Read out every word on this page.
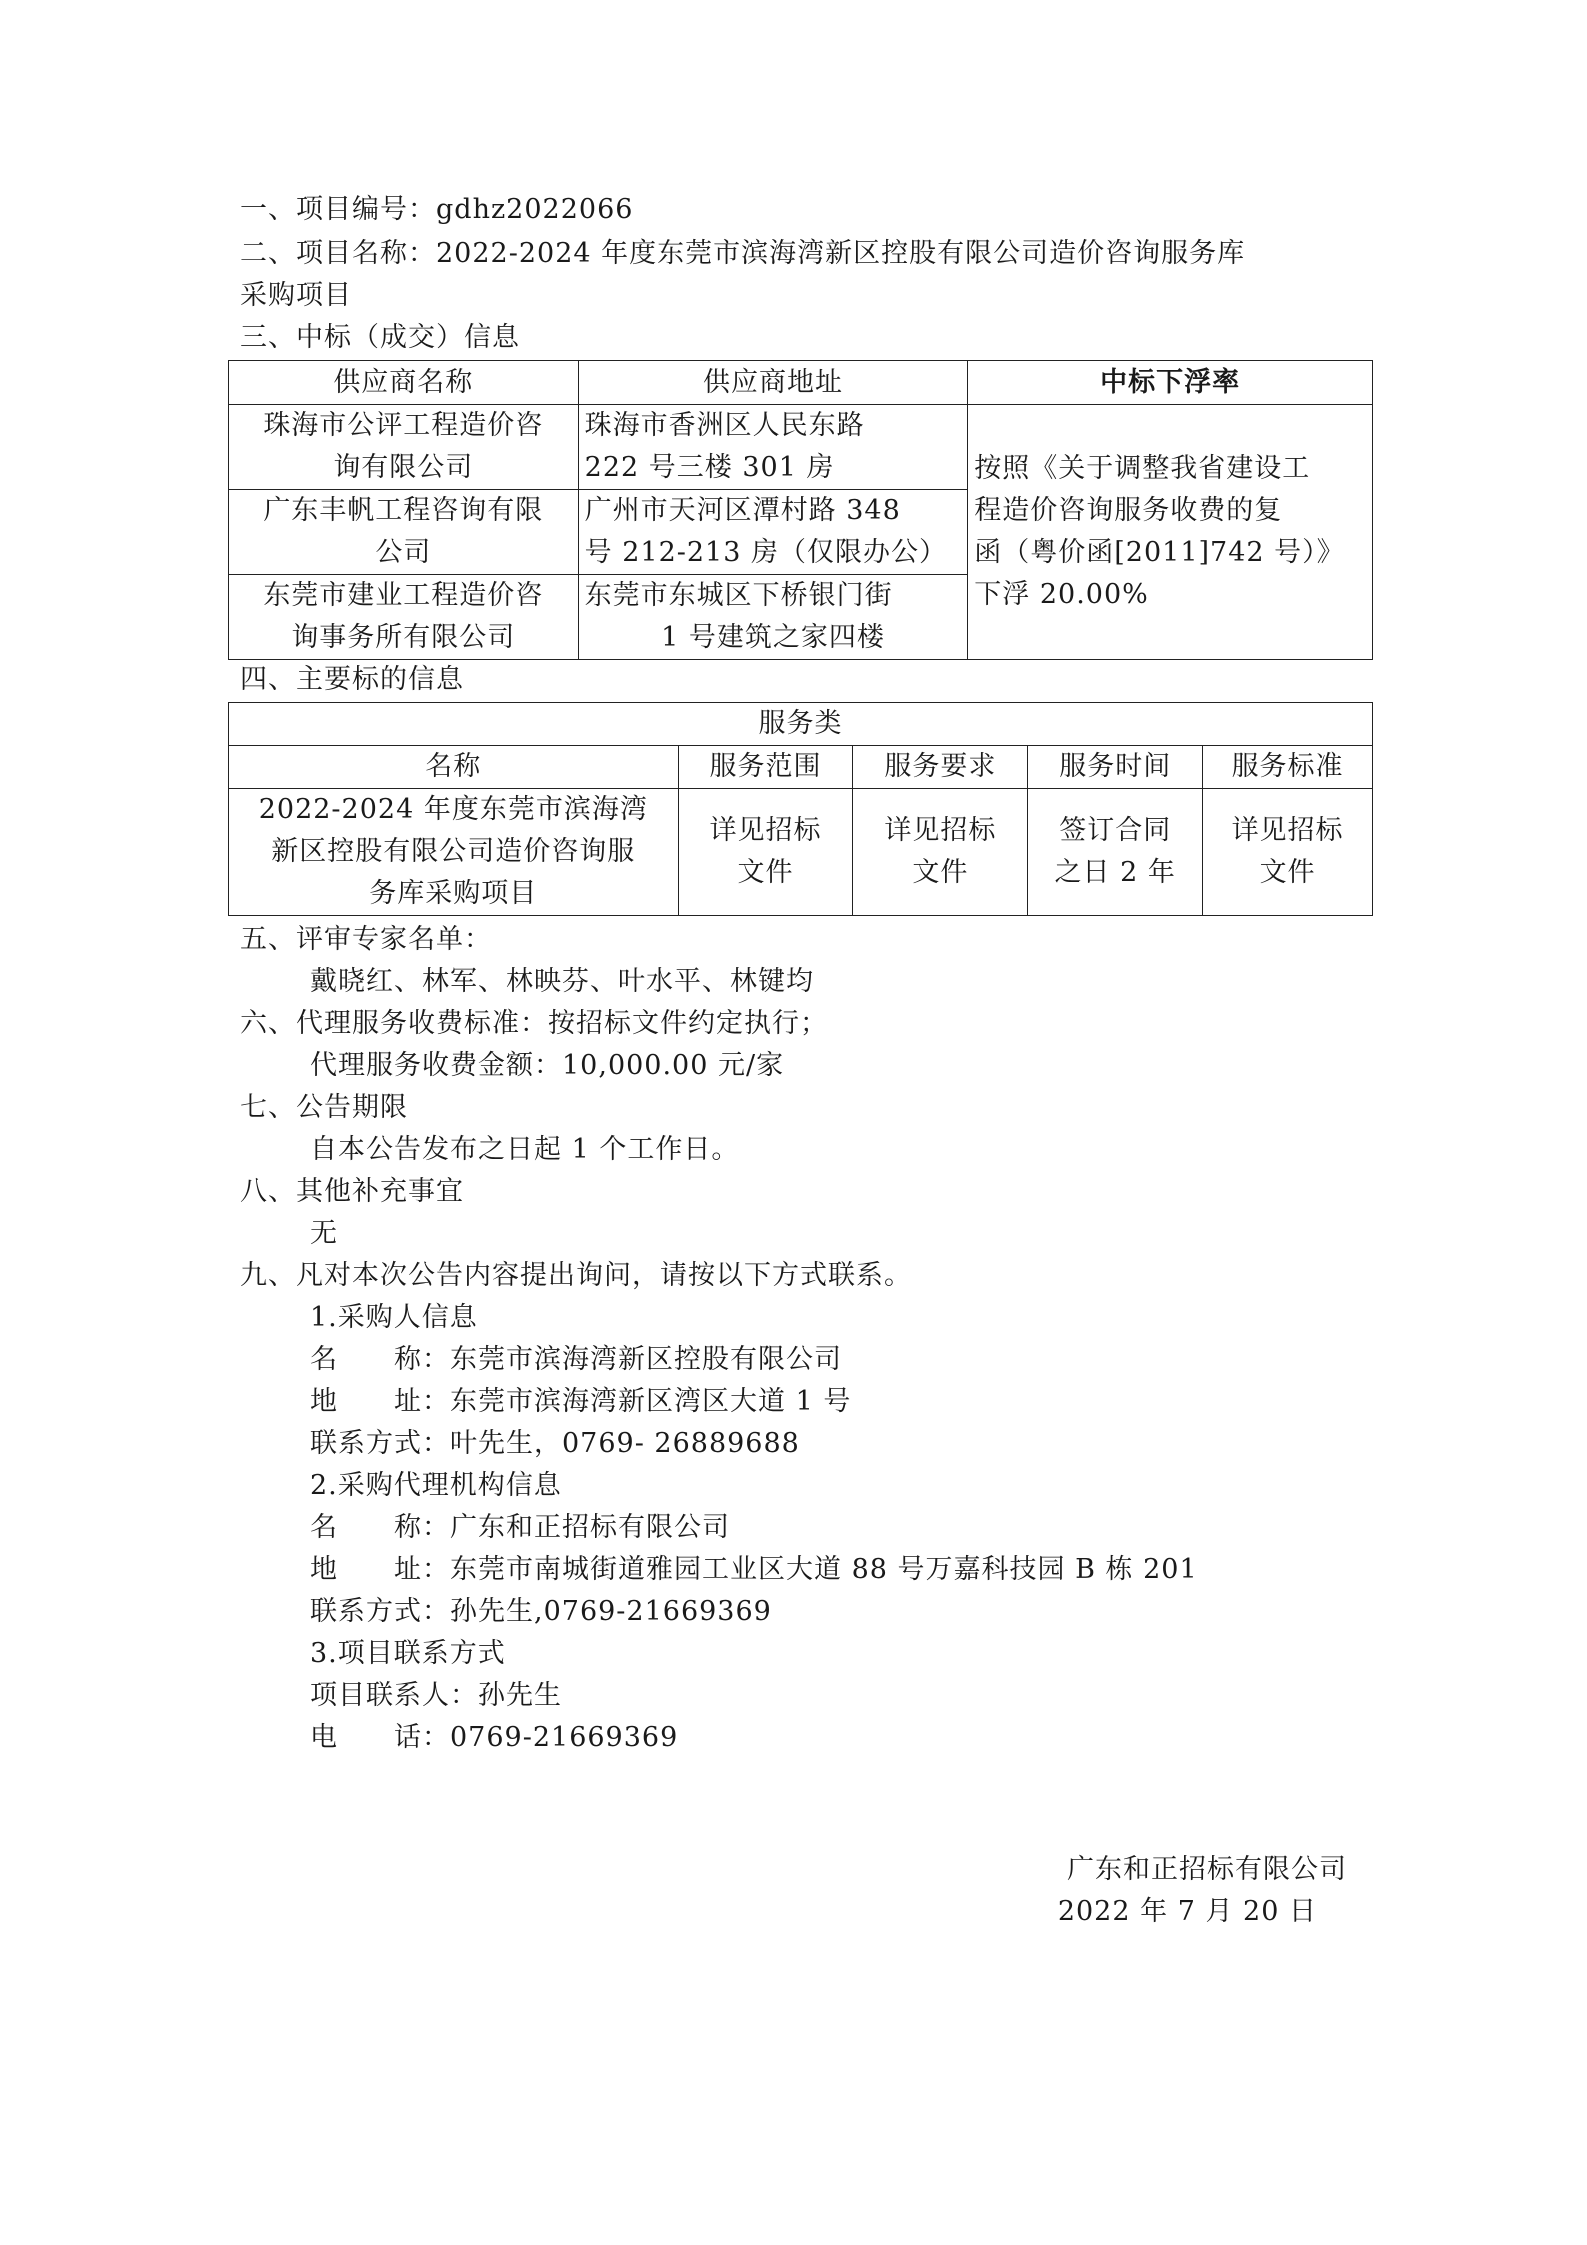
一、项目编号：gdhz2022066
二、项目名称：2022-2024 年度东莞市滨海湾新区控股有限公司造价咨询服务库
采购项目
三、中标（成交）信息
供应商名称	供应商地址	中标下浮率

珠海市公评工程造价咨
询有限公司	珠海市香洲区人民东路
222 号三楼 301 房	按照《关于调整我省建设工
程造价咨询服务收费的复
函（粤价函[2011]742 号）》
下浮 20.00%

广东丰帆工程咨询有限
公司	广州市天河区潭村路 348
号 212-213 房（仅限办公）	

东莞市建业工程造价咨
询事务所有限公司	东莞市东城区下桥银门街
1 号建筑之家四楼	
四、主要标的信息
服务类				
名称	服务范围	服务要求	服务时间	服务标准

2022-2024 年度东莞市滨海湾
新区控股有限公司造价咨询服
务库采购项目	详见招标
文件	详见招标
文件	签订合同
之日 2 年	详见招标
文件
五、评审专家名单：
戴晓红、林军、林映芬、叶水平、林键均
六、代理服务收费标准：按招标文件约定执行；
代理服务收费金额：10,000.00 元/家
七、公告期限
自本公告发布之日起 1 个工作日。
八、其他补充事宜
无
九、凡对本次公告内容提出询问，请按以下方式联系。
1.采购人信息
名　　称：东莞市滨海湾新区控股有限公司
地　　址：东莞市滨海湾新区湾区大道 1 号
联系方式：叶先生，0769- 26889688
2.采购代理机构信息
名　　称：广东和正招标有限公司
地　　址：东莞市南城街道雅园工业区大道 88 号万嘉科技园 B 栋 201
联系方式：孙先生,0769-21669369
3.项目联系方式
项目联系人：孙先生
电　　话：0769-21669369
广东和正招标有限公司
2022 年 7 月 20 日
